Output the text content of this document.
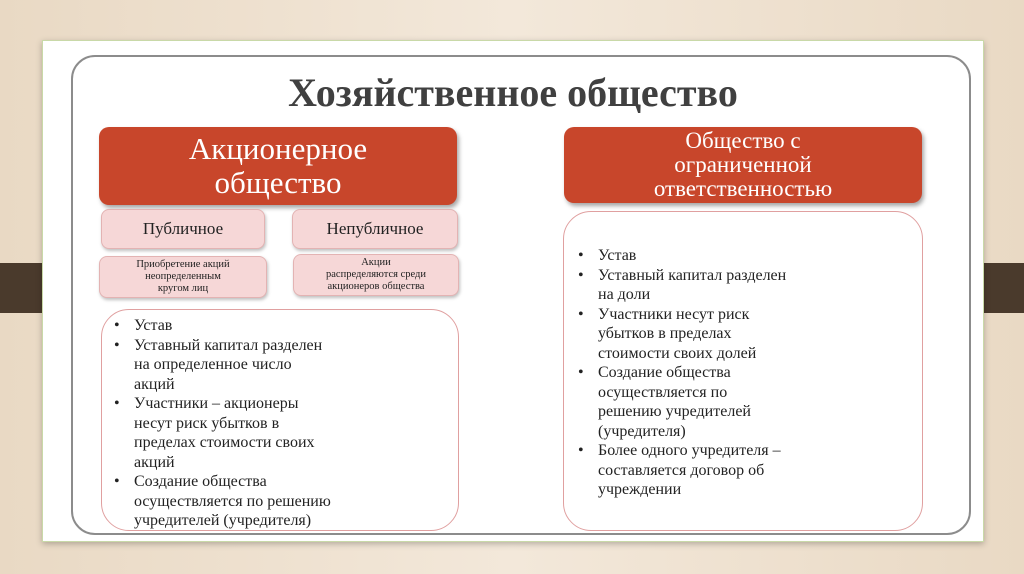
Хозяйственное общество
Акционерное
общество
Общество с
ограниченной
ответственностью
Публичное	Непубличное
Приобретение акций
неопределенным
кругом лиц
Акции
распределяются среди
акционеров общества
• Устав
• Уставный капитал разделен
на определенное число
акций
• Участники – акционеры
несут риск убытков в
пределах стоимости своих
акций
• Создание общества
осуществляется по решению
учредителей (учредителя)
• Устав
• Уставный капитал разделен
на доли
• Участники несут риск
убытков в пределах
стоимости своих долей
• Создание общества
осуществляется по
решению учредителей
(учредителя)
• Более одного учредителя –
составляется договор об
учреждении
